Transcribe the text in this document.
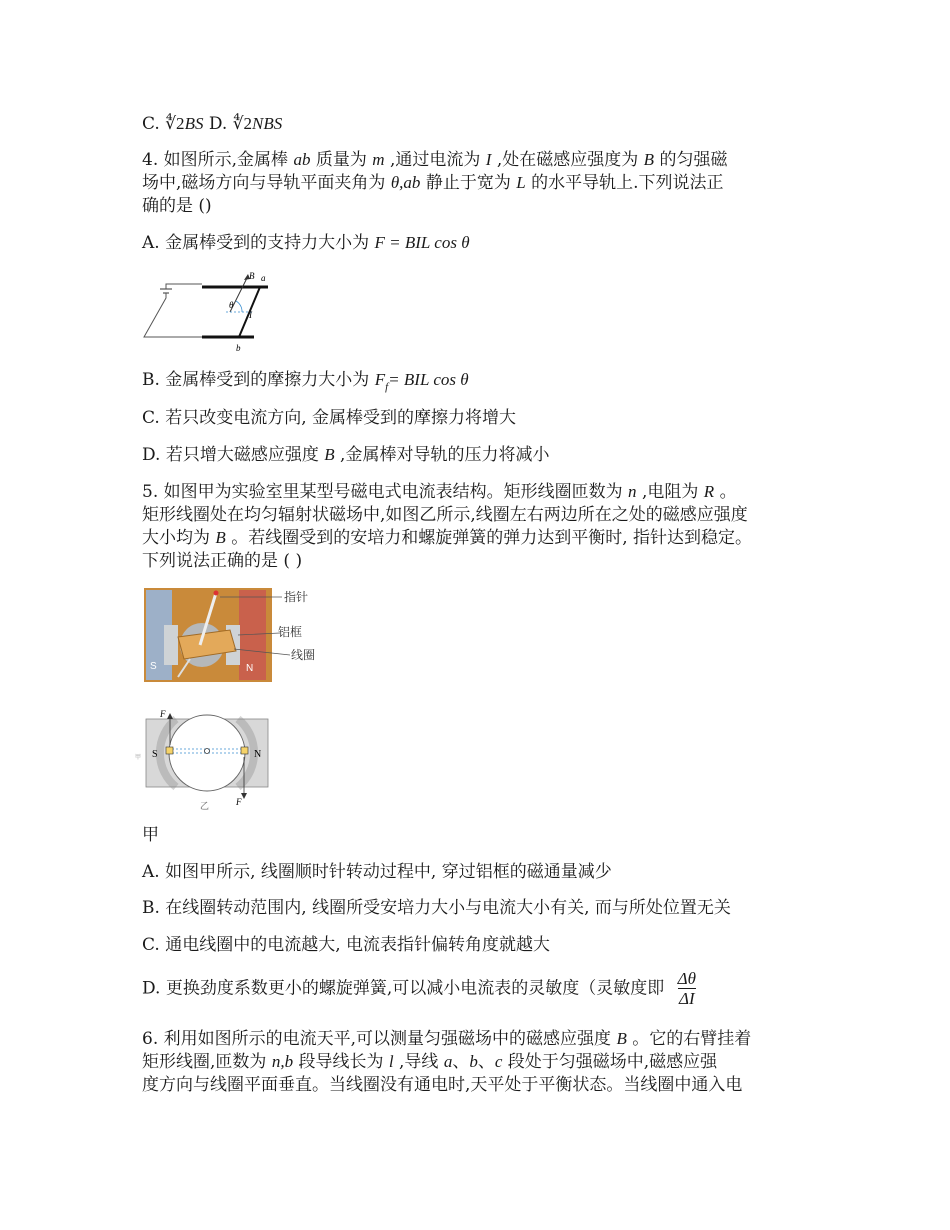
C. ∜2BS D. ∜2NBS
4. 如图所示,金属棒 ab 质量为 m ,通过电流为 I ,处在磁感应强度为 B 的匀强磁
场中,磁场方向与导轨平面夹角为 θ,ab 静止于宽为 L 的水平导轨上.下列说法正
确的是 ()
A. 金属棒受到的支持力大小为 F = BIL cos θ
B a
θ
I
b
B. 金属棒受到的摩擦力大小为 $F_f=$ BIL cos θ
C. 若只改变电流方向, 金属棒受到的摩擦力将增大
D. 若只增大磁感应强度 B ,金属棒对导轨的压力将减小
5. 如图甲为实验室里某型号磁电式电流表结构。矩形线圈匝数为 n ,电阻为 R 。
矩形线圈处在均匀辐射状磁场中,如图乙所示,线圈左右两边所在之处的磁感应强度
大小均为 B 。若线圈受到的安培力和螺旋弹簧的弹力达到平衡时, 指针达到稳定。
下列说法正确的是 ( )
S	N
指针
铝框
线圈
F
F
S	N
乙
甲
甲
A. 如图甲所示, 线圈顺时针转动过程中, 穿过铝框的磁通量减少
B. 在线圈转动范围内, 线圈所受安培力大小与电流大小有关, 而与所处位置无关
C. 通电线圈中的电流越大, 电流表指针偏转角度就越大
D. 更换劲度系数更小的螺旋弹簧,可以减小电流表的灵敏度（灵敏度即 $\frac{\Delta\theta}{\Delta I}$
6. 利用如图所示的电流天平,可以测量匀强磁场中的磁感应强度 B 。它的右臂挂着
矩形线圈,匝数为 n,b 段导线长为 l ,导线 a、b、c 段处于匀强磁场中,磁感应强
度方向与线圈平面垂直。当线圈没有通电时,天平处于平衡状态。当线圈中通入电
